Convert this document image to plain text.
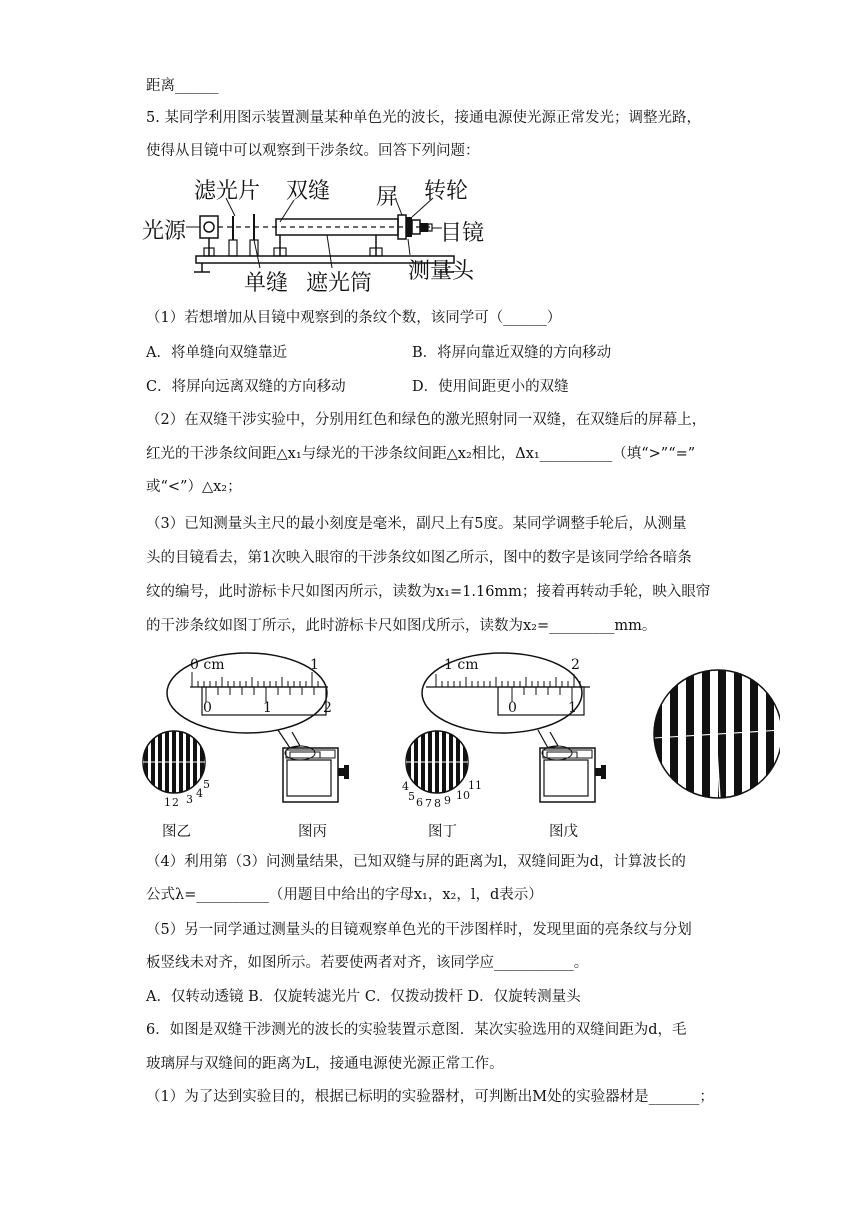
距离______
5. 某同学利用图示装置测量某种单色光的波长，接通电源使光源正常发光；调整光路，
使得从目镜中可以观察到干涉条纹。回答下列问题：
滤光片 双缝 屏 转轮
光源	目镜
单缝 遮光筒 测量头
（1）若想增加从目镜中观察到的条纹个数，该同学可（______）
A．将单缝向双缝靠近	B．将屏向靠近双缝的方向移动
C．将屏向远离双缝的方向移动	D．使用间距更小的双缝
（2）在双缝干涉实验中，分别用红色和绿色的激光照射同一双缝，在双缝后的屏幕上，
红光的干涉条纹间距△x₁与绿光的干涉条纹间距△x₂相比，Δx₁__________（填“>”“=”
或“<”）△x₂；
（3）已知测量头主尺的最小刻度是毫米，副尺上有5度。某同学调整手轮后，从测量
头的目镜看去，第1次映入眼帘的干涉条纹如图乙所示，图中的数字是该同学给各暗条
纹的编号，此时游标卡尺如图丙所示，读数为x₁=1.16mm；接着再转动手轮，映入眼帘
的干涉条纹如图丁所示，此时游标卡尺如图戊所示，读数为x₂=_________mm。
0 cm	1
0	1	2
1 cm	2
0	1
1 2 3 4
5	4
5 6 7 8 9 10
11
图乙	图丙	图丁	图戊
（4）利用第（3）问测量结果，已知双缝与屏的距离为l，双缝间距为d，计算波长的
公式λ=__________（用题目中给出的字母x₁，x₂，l，d表示）
（5）另一同学通过测量头的目镜观察单色光的干涉图样时，发现里面的亮条纹与分划
板竖线未对齐，如图所示。若要使两者对齐，该同学应___________。
A．仅转动透镜 B．仅旋转滤光片 C．仅拨动拨杆 D．仅旋转测量头
6．如图是双缝干涉测光的波长的实验装置示意图．某次实验选用的双缝间距为d，毛
玻璃屏与双缝间的距离为L，接通电源使光源正常工作。
（1）为了达到实验目的，根据已标明的实验器材，可判断出M处的实验器材是_______；
